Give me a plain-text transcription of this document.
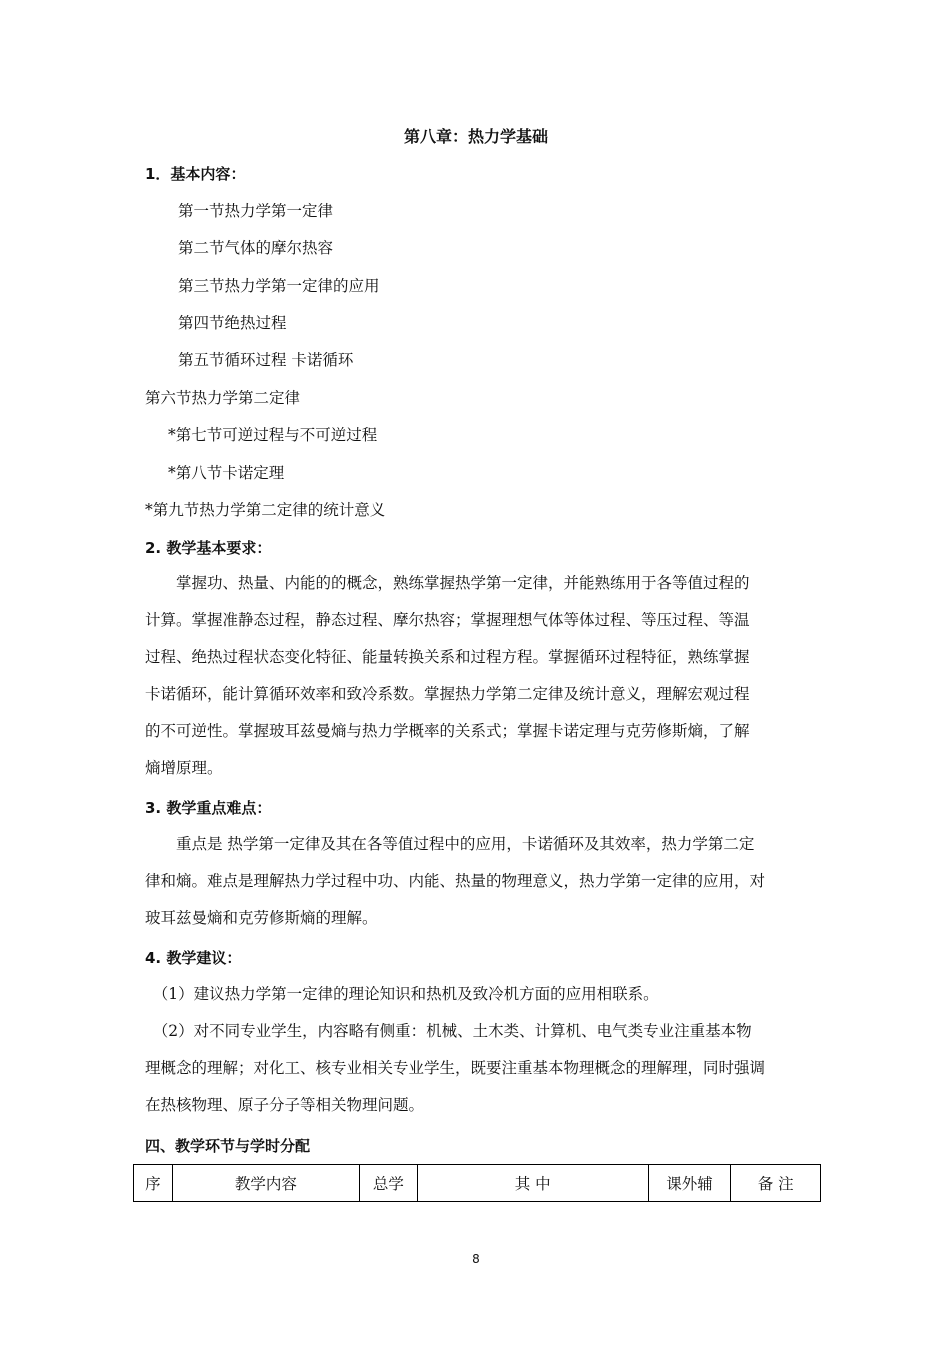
第八章：热力学基础
1．基本内容：
第一节热力学第一定律
第二节气体的摩尔热容
第三节热力学第一定律的应用
第四节绝热过程
第五节循环过程 卡诺循环
第六节热力学第二定律
*第七节可逆过程与不可逆过程
*第八节卡诺定理
*第九节热力学第二定律的统计意义
2. 教学基本要求：
　　掌握功、热量、内能的的概念，熟练掌握热学第一定律，并能熟练用于各等值过程的
计算。掌握准静态过程，静态过程、摩尔热容；掌握理想气体等体过程、等压过程、等温
过程、绝热过程状态变化特征、能量转换关系和过程方程。掌握循环过程特征，熟练掌握
卡诺循环，能计算循环效率和致冷系数。掌握热力学第二定律及统计意义，理解宏观过程
的不可逆性。掌握玻耳兹曼熵与热力学概率的关系式；掌握卡诺定理与克劳修斯熵，了解
熵增原理。
3. 教学重点难点：
　　重点是 热学第一定律及其在各等值过程中的应用，卡诺循环及其效率，热力学第二定
律和熵。难点是理解热力学过程中功、内能、热量的物理意义，热力学第一定律的应用，对
玻耳兹曼熵和克劳修斯熵的理解。
4. 教学建议：
　（1）建议热力学第一定律的理论知识和热机及致冷机方面的应用相联系。
　（2）对不同专业学生，内容略有侧重：机械、土木类、计算机、电气类专业注重基本物
理概念的理解；对化工、核专业相关专业学生，既要注重基本物理概念的理解理，同时强调
在热核物理、原子分子等相关物理问题。
四、教学环节与学时分配
序	教学内容	总学	其 中	课外辅	备 注
8
